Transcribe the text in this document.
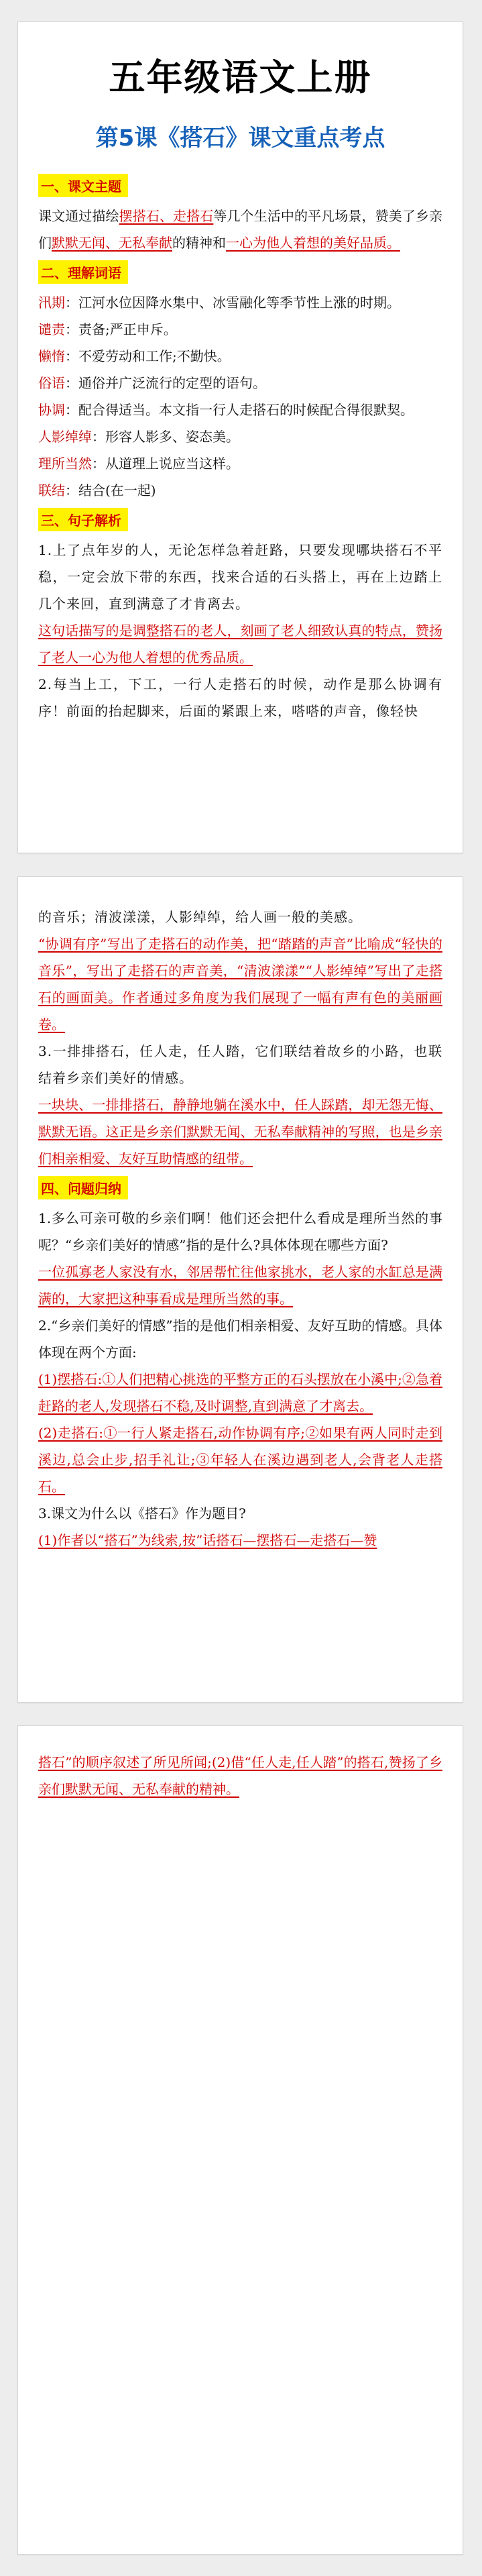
五年级语文上册
第5课《搭石》课文重点考点
一、课文主题

课文通过描绘摆搭石、走搭石等几个生活中的平凡场景，赞美了乡亲们默默无闻、无私奉献的精神和一心为他人着想的美好品质。

二、理解词语

汛期：江河水位因降水集中、冰雪融化等季节性上涨的时期。

谴责：责备;严正申斥。

懒惰：不爱劳动和工作;不勤快。

俗语：通俗并广泛流行的定型的语句。

协调：配合得适当。本文指一行人走搭石的时候配合得很默契。

人影绰绰：形容人影多、姿态美。

理所当然：从道理上说应当这样。

联结：结合(在一起)

三、句子解析

1.上了点年岁的人，无论怎样急着赶路，只要发现哪块搭石不平稳，一定会放下带的东西，找来合适的石头搭上，再在上边踏上几个来回，直到满意了才肯离去。

这句话描写的是调整搭石的老人，刻画了老人细致认真的特点，赞扬了老人一心为他人着想的优秀品质。

2.每当上工，下工，一行人走搭石的时候，动作是那么协调有序！前面的抬起脚来，后面的紧跟上来，嗒嗒的声音，像轻快

的音乐；清波漾漾，人影绰绰，给人画一般的美感。

“协调有序”写出了走搭石的动作美，把“踏踏的声音”比喻成“轻快的音乐”，写出了走搭石的声音美，“清波漾漾”“人影绰绰”写出了走搭石的画面美。作者通过多角度为我们展现了一幅有声有色的美丽画卷。

3.一排排搭石，任人走，任人踏，它们联结着故乡的小路，也联结着乡亲们美好的情感。

一块块、一排排搭石，静静地躺在溪水中，任人踩踏，却无怨无悔、默默无语。这正是乡亲们默默无闻、无私奉献精神的写照，也是乡亲们相亲相爱、友好互助情感的纽带。

四、问题归纳

1.多么可亲可敬的乡亲们啊！他们还会把什么看成是理所当然的事呢？“乡亲们美好的情感”指的是什么?具体体现在哪些方面?

一位孤寡老人家没有水，邻居帮忙往他家挑水，老人家的水缸总是满满的，大家把这种事看成是理所当然的事。

2.“乡亲们美好的情感”指的是他们相亲相爱、友好互助的情感。具体体现在两个方面:

(1)摆搭石:①人们把精心挑选的平整方正的石头摆放在小溪中;②急着赶路的老人,发现搭石不稳,及时调整,直到满意了才离去。

(2)走搭石:①一行人紧走搭石,动作协调有序;②如果有两人同时走到溪边,总会止步,招手礼让;③年轻人在溪边遇到老人,会背老人走搭石。

3.课文为什么以《搭石》作为题目?

(1)作者以“搭石”为线索,按”话搭石—摆搭石—走搭石—赞

搭石”的顺序叙述了所见所闻;(2)借“任人走,任人踏”的搭石,赞扬了乡亲们默默无闻、无私奉献的精神。
